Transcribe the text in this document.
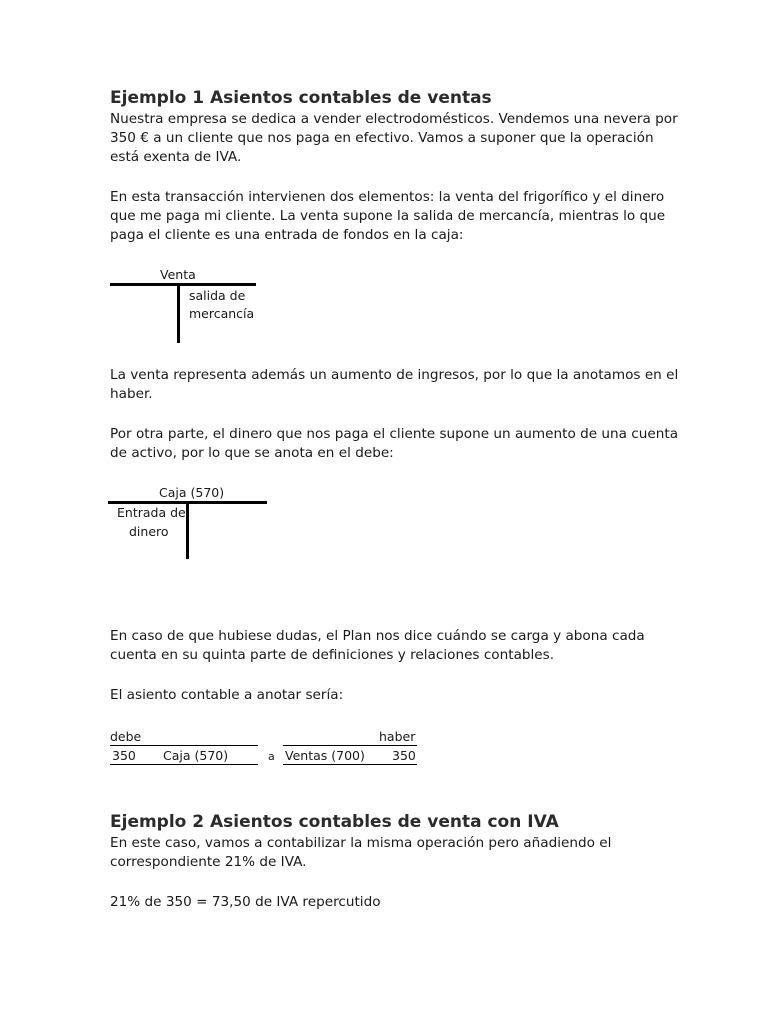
Ejemplo 1 Asientos contables de ventas
Nuestra empresa se dedica a vender electrodomésticos. Vendemos una nevera por
350 € a un cliente que nos paga en efectivo. Vamos a suponer que la operación
está exenta de IVA.
En esta transacción intervienen dos elementos: la venta del frigorífico y el dinero
que me paga mi cliente. La venta supone la salida de mercancía, mientras lo que
paga el cliente es una entrada de fondos en la caja:
Venta
salida de
mercancía
La venta representa además un aumento de ingresos, por lo que la anotamos en el
haber.
Por otra parte, el dinero que nos paga el cliente supone un aumento de una cuenta
de activo, por lo que se anota en el debe:
Caja (570)
Entrada de
dinero
En caso de que hubiese dudas, el Plan nos dice cuándo se carga y abona cada
cuenta en su quinta parte de definiciones y relaciones contables.
El asiento contable a anotar sería:
debe	haber
350 Caja (570)	a Ventas (700) 350
Ejemplo 2 Asientos contables de venta con IVA
En este caso, vamos a contabilizar la misma operación pero añadiendo el
correspondiente 21% de IVA.
21% de 350 = 73,50 de IVA repercutido
